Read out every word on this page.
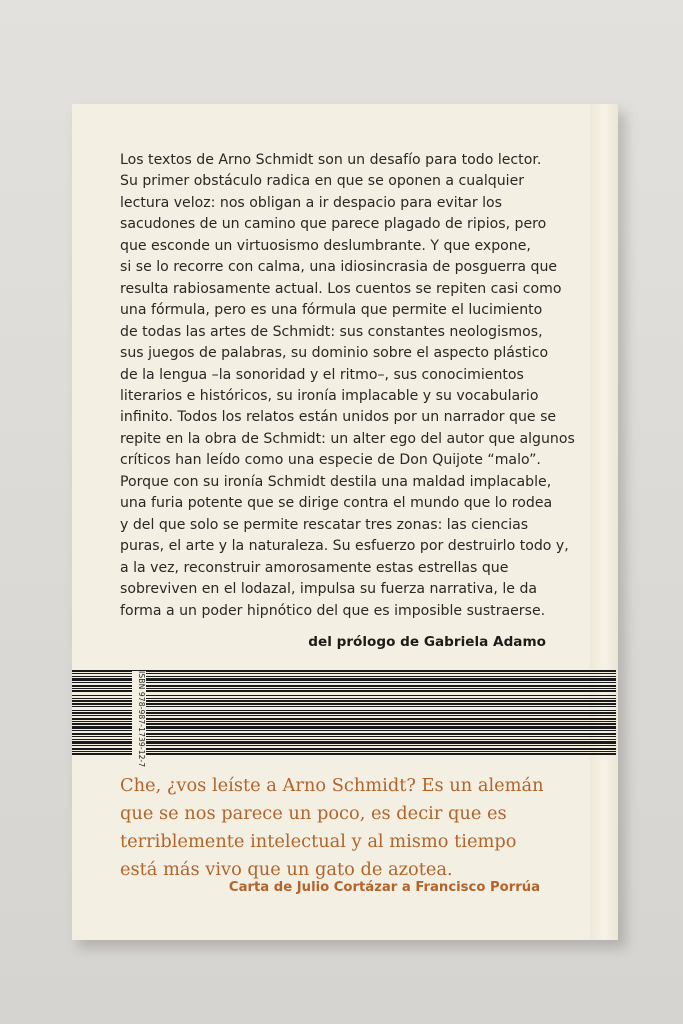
Los textos de Arno Schmidt son un desafío para todo lector.

Su primer obstáculo radica en que se oponen a cualquier

lectura veloz: nos obligan a ir despacio para evitar los

sacudones de un camino que parece plagado de ripios, pero

que esconde un virtuosismo deslumbrante. Y que expone,

si se lo recorre con calma, una idiosincrasia de posguerra que

resulta rabiosamente actual. Los cuentos se repiten casi como

una fórmula, pero es una fórmula que permite el lucimiento

de todas las artes de Schmidt: sus constantes neologismos,

sus juegos de palabras, su dominio sobre el aspecto plástico

de la lengua –la sonoridad y el ritmo–, sus conocimientos

literarios e históricos, su ironía implacable y su vocabulario

infinito. Todos los relatos están unidos por un narrador que se

repite en la obra de Schmidt: un alter ego del autor que algunos

críticos han leído como una especie de Don Quijote “malo”.

Porque con su ironía Schmidt destila una maldad implacable,

una furia potente que se dirige contra el mundo que lo rodea

y del que solo se permite rescatar tres zonas: las ciencias

puras, el arte y la naturaleza. Su esfuerzo por destruirlo todo y,

a la vez, reconstruir amorosamente estas estrellas que

sobreviven en el lodazal, impulsa su fuerza narrativa, le da

forma a un poder hipnótico del que es imposible sustraerse.

del prólogo de Gabriela Adamo
ISBN 978-987-1739-12-7

Che, ¿vos leíste a Arno Schmidt? Es un alemán

que se nos parece un poco, es decir que es

terriblemente intelectual y al mismo tiempo

está más vivo que un gato de azotea.

Carta de Julio Cortázar a Francisco Porrúa
